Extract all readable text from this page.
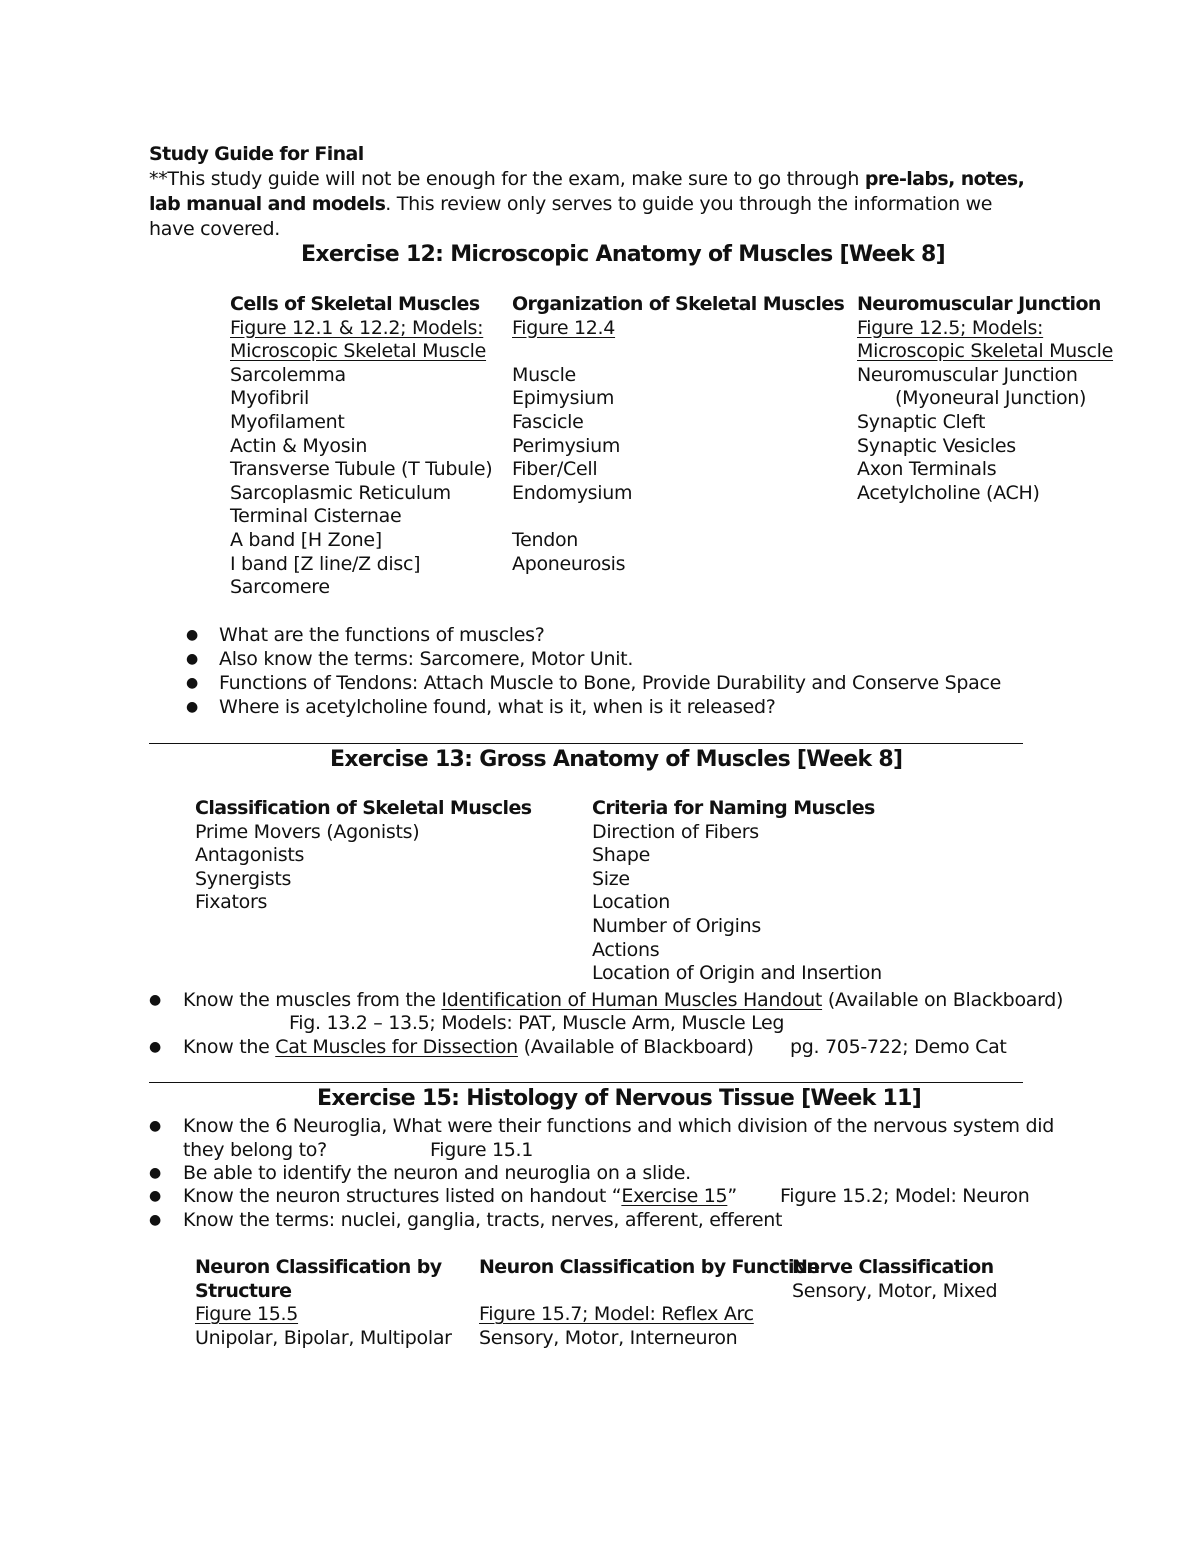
Study Guide for Final
**This study guide will not be enough for the exam, make sure to go through pre-labs, notes, lab manual and models. This review only serves to guide you through the information we have covered.
Exercise 12: Microscopic Anatomy of Muscles [Week 8]
Cells of Skeletal Muscles
Figure 12.1 & 12.2; Models:
Microscopic Skeletal Muscle
Sarcolemma
Myofibril
Myofilament
Actin & Myosin
Transverse Tubule (T Tubule)
Sarcoplasmic Reticulum
Terminal Cisternae
A band [H Zone]
I band [Z line/Z disc]
Sarcomere
Organization of Skeletal Muscles
Figure 12.4
Muscle
Epimysium
Fascicle
Perimysium
Fiber/Cell
Endomysium
Tendon
Aponeurosis
Neuromuscular Junction
Figure 12.5; Models:
Microscopic Skeletal Muscle
Neuromuscular Junction
(Myoneural Junction)
Synaptic Cleft
Synaptic Vesicles
Axon Terminals
Acetylcholine (ACH)
● What are the functions of muscles?
● Also know the terms: Sarcomere, Motor Unit.
● Functions of Tendons: Attach Muscle to Bone, Provide Durability and Conserve Space
● Where is acetylcholine found, what is it, when is it released?
Exercise 13: Gross Anatomy of Muscles [Week 8]
Classification of Skeletal Muscles
Prime Movers (Agonists)
Antagonists
Synergists
Fixators
Criteria for Naming Muscles
Direction of Fibers
Shape
Size
Location
Number of Origins
Actions
Location of Origin and Insertion
● Know the muscles from the Identification of Human Muscles Handout (Available on Blackboard)
Fig. 13.2 – 13.5; Models: PAT, Muscle Arm, Muscle Leg
● Know the Cat Muscles for Dissection (Available of Blackboard) pg. 705-722; Demo Cat
Exercise 15: Histology of Nervous Tissue [Week 11]
● Know the 6 Neuroglia, What were their functions and which division of the nervous system did
they belong to?	Figure 15.1
● Be able to identify the neuron and neuroglia on a slide.
● Know the neuron structures listed on handout “Exercise 15” Figure 15.2; Model: Neuron
● Know the terms: nuclei, ganglia, tracts, nerves, afferent, efferent
Neuron Classification by
Structure
Figure 15.5
Unipolar, Bipolar, Multipolar
Neuron Classification by Function
Figure 15.7; Model: Reflex Arc
Sensory, Motor, Interneuron
Nerve Classification
Sensory, Motor, Mixed
